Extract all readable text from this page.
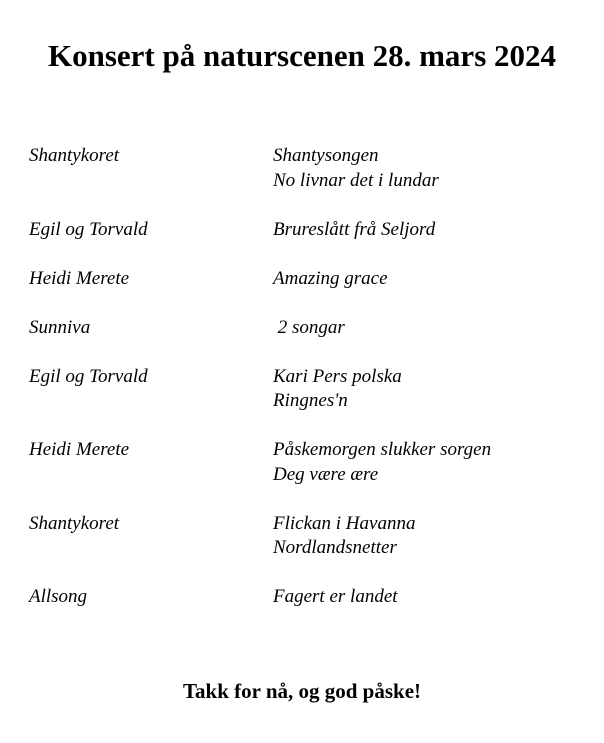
Konsert på naturscenen 28. mars 2024
Shantykoret	Shantysongen
No livnar det i lundar
Egil og Torvald	Brureslått frå Seljord
Heidi Merete	Amazing grace
Sunniva	2 songar
Egil og Torvald	Kari Pers polska
Ringnes'n
Heidi Merete	Påskemorgen slukker sorgen
Deg være ære
Shantykoret	Flickan i Havanna
Nordlandsnetter
Allsong	Fagert er landet
Takk for nå, og god påske!
